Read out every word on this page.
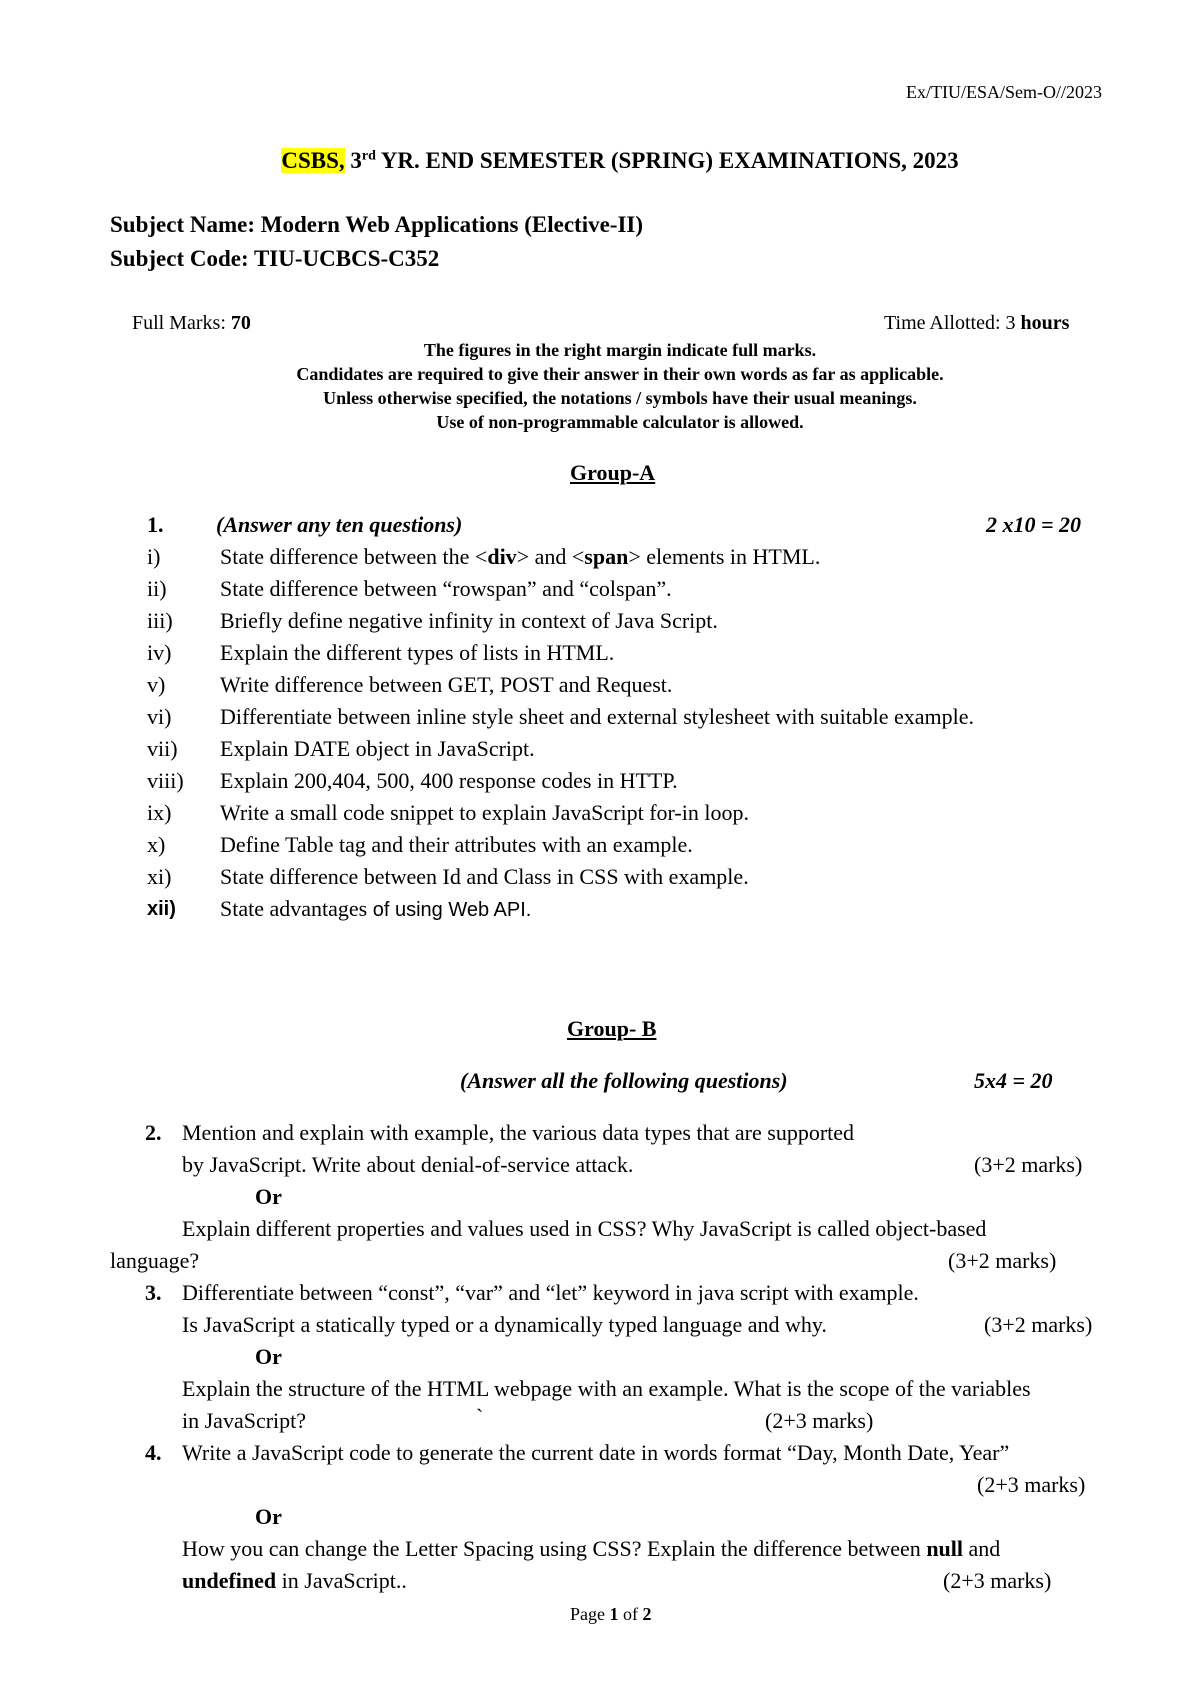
Ex/TIU/ESA/Sem-O//2023
CSBS, 3rd YR. END SEMESTER (SPRING) EXAMINATIONS, 2023
Subject Name: Modern Web Applications (Elective-II)
Subject Code: TIU-UCBCS-C352
Full Marks: 70	Time Allotted: 3 hours
The figures in the right margin indicate full marks.
Candidates are required to give their answer in their own words as far as applicable.
Unless otherwise specified, the notations / symbols have their usual meanings.
Use of non-programmable calculator is allowed.
Group-A
1. (Answer any ten questions)	2 x10 = 20
i)	State difference between the <div> and <span> elements in HTML.
ii) State difference between “rowspan” and “colspan”.
iii) Briefly define negative infinity in context of Java Script.
iv) Explain the different types of lists in HTML.
v) Write difference between GET, POST and Request.
vi) Differentiate between inline style sheet and external stylesheet with suitable example.
vii) Explain DATE object in JavaScript.
viii) Explain 200,404, 500, 400 response codes in HTTP.
ix) Write a small code snippet to explain JavaScript for-in loop.
x) Define Table tag and their attributes with an example.
xi) State difference between Id and Class in CSS with example.
xii) State advantages of using Web API.
Group- B
(Answer all the following questions)	5x4 = 20
2. Mention and explain with example, the various data types that are supported
by JavaScript. Write about denial-of-service attack.	(3+2 marks)
Or
Explain different properties and values used in CSS? Why JavaScript is called object-based
language?	(3+2 marks)
3. Differentiate between “const”, “var” and “let” keyword in java script with example.
Is JavaScript a statically typed or a dynamically typed language and why.	(3+2 marks)
Or
Explain the structure of the HTML webpage with an example. What is the scope of the variables
in JavaScript?	`	(2+3 marks)
4. Write a JavaScript code to generate the current date in words format “Day, Month Date, Year”
(2+3 marks)
Or
How you can change the Letter Spacing using CSS? Explain the difference between null and
undefined in JavaScript..	(2+3 marks)
Page 1 of 2
